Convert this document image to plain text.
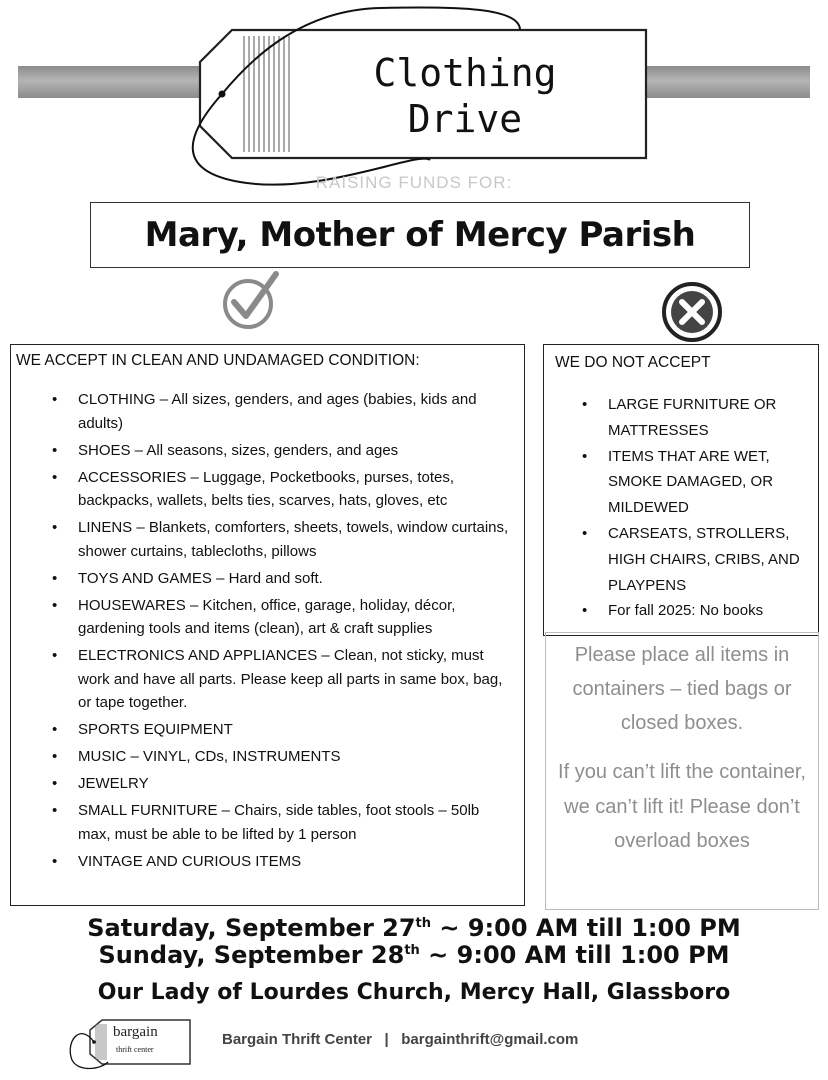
Clothing
Drive
RAISING FUNDS FOR:
Mary, Mother of Mercy Parish
WE ACCEPT IN CLEAN AND UNDAMAGED CONDITION:
• CLOTHING – All sizes, genders, and ages (babies, kids and adults)
• SHOES – All seasons, sizes, genders, and ages
• ACCESSORIES – Luggage, Pocketbooks, purses, totes, backpacks, wallets, belts ties, scarves, hats, gloves, etc
• LINENS – Blankets, comforters, sheets, towels, window curtains, shower curtains, tablecloths, pillows
• TOYS AND GAMES – Hard and soft.
• HOUSEWARES – Kitchen, office, garage, holiday, décor, gardening tools and items (clean), art & craft supplies
• ELECTRONICS AND APPLIANCES – Clean, not sticky, must work and have all parts. Please keep all parts in same box, bag, or tape together.
• SPORTS EQUIPMENT
• MUSIC – VINYL, CDs, INSTRUMENTS
• JEWELRY
• SMALL FURNITURE – Chairs, side tables, foot stools – 50lb max, must be able to be lifted by 1 person
• VINTAGE AND CURIOUS ITEMS
WE DO NOT ACCEPT
• LARGE FURNITURE OR MATTRESSES
• ITEMS THAT ARE WET, SMOKE DAMAGED, OR MILDEWED
• CARSEATS, STROLLERS, HIGH CHAIRS, CRIBS, AND PLAYPENS
• For fall 2025: No books
Please place all items in containers – tied bags or closed boxes.
If you can’t lift the container, we can’t lift it! Please don’t overload boxes
Saturday, September 27th ~ 9:00 AM till 1:00 PM
Sunday, September 28th ~ 9:00 AM till 1:00 PM
Our Lady of Lourdes Church, Mercy Hall, Glassboro
bargain
thrift center
Bargain Thrift Center | bargainthrift@gmail.com
